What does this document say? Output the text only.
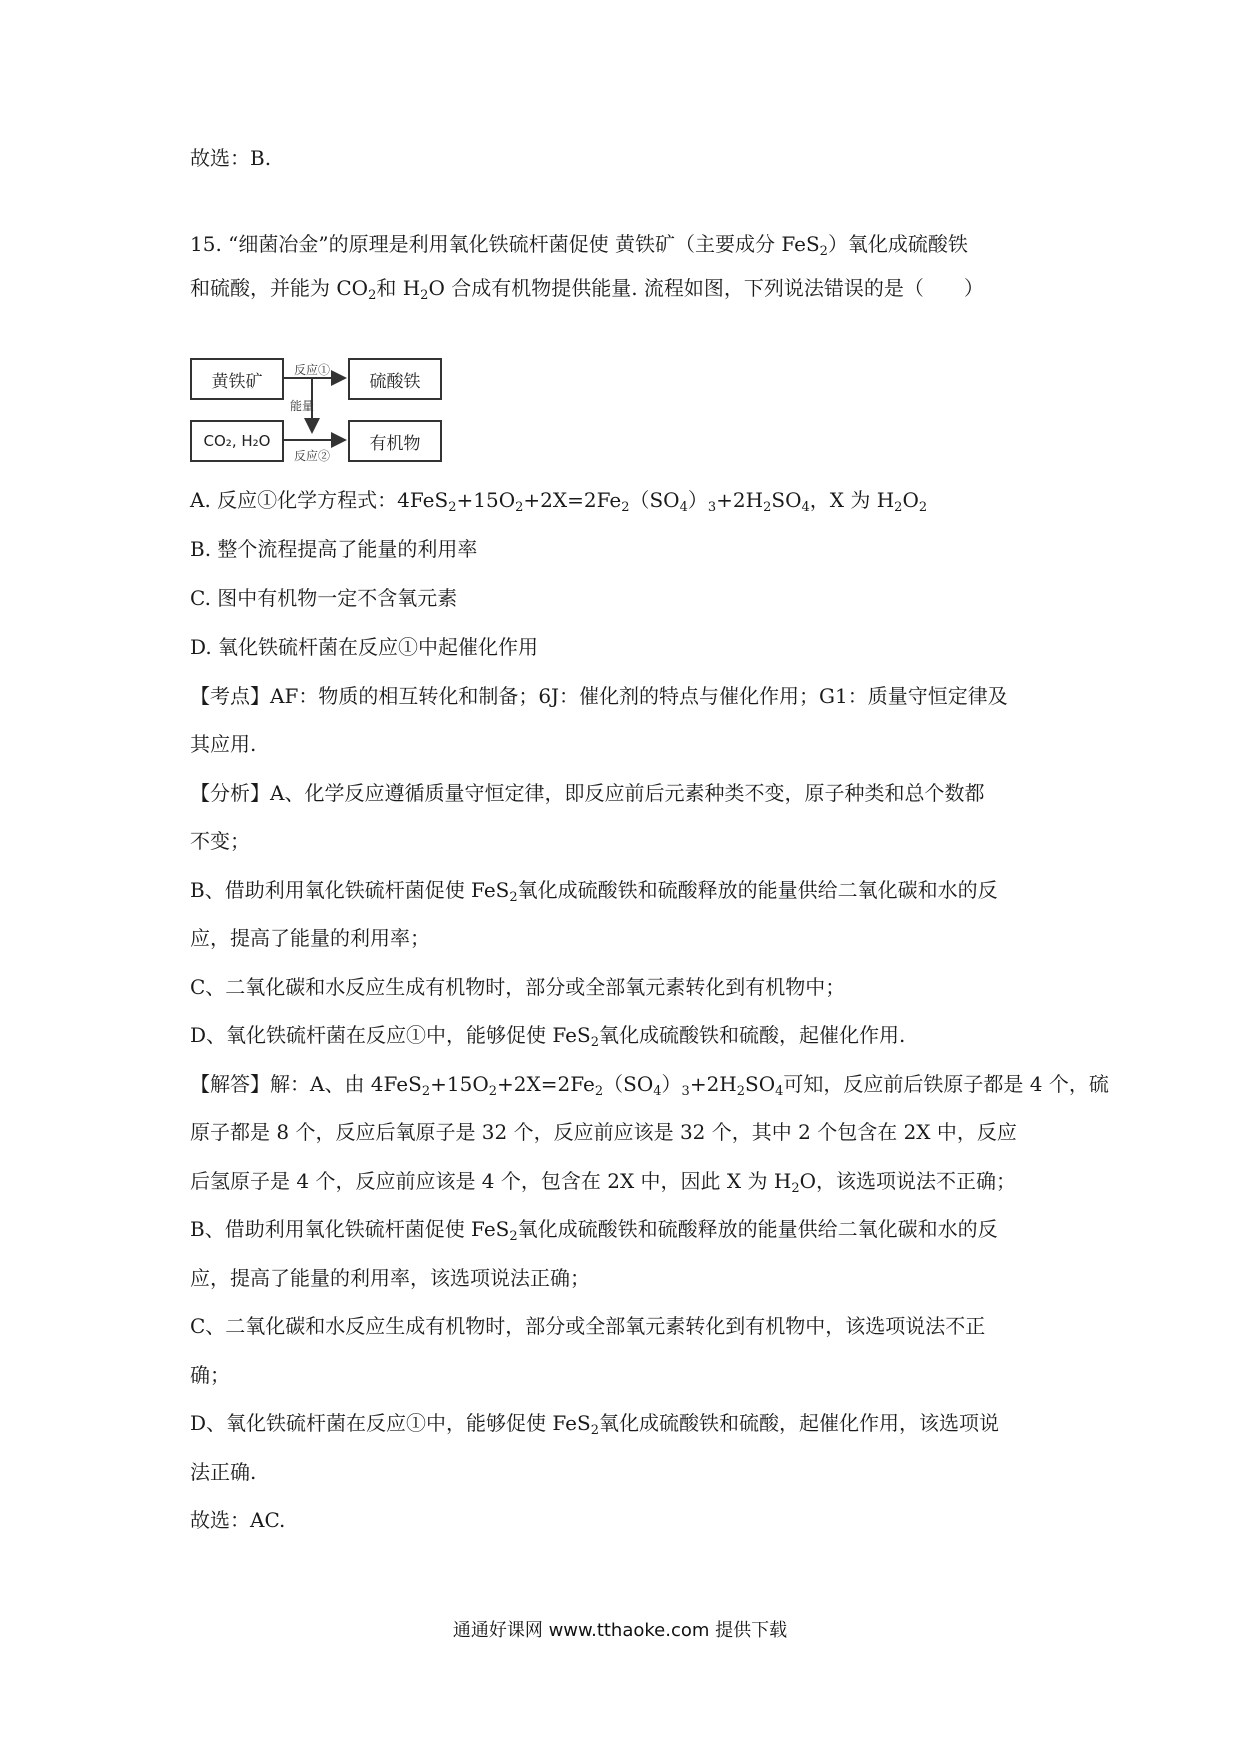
故选：B.
15. “细菌冶金”的原理是利用氧化铁硫杆菌促使 黄铁矿（主要成分 FeS$_2$）氧化成硫酸铁
和硫酸，并能为 $CO_2$和 $H_2O$ 合成有机物提供能量. 流程如图，下列说法错误的是（　　）
黄铁矿	硫酸铁
CO₂, H₂O	有机物
反应①
能量
反应②
A. 反应①化学方程式：$4FeS_2+15O_2+2X=2Fe_2(SO_4)_3+2H_2SO_4$，X 为 $H_2O_2$
B. 整个流程提高了能量的利用率
C. 图中有机物一定不含氧元素
D. 氧化铁硫杆菌在反应①中起催化作用
【考点】AF：物质的相互转化和制备；6J：催化剂的特点与催化作用；G1：质量守恒定律及
其应用.
【分析】A、化学反应遵循质量守恒定律，即反应前后元素种类不变，原子种类和总个数都
不变；
B、借助利用氧化铁硫杆菌促使 FeS$_2$氧化成硫酸铁和硫酸释放的能量供给二氧化碳和水的反
应，提高了能量的利用率；
C、二氧化碳和水反应生成有机物时，部分或全部氧元素转化到有机物中；
D、氧化铁硫杆菌在反应①中，能够促使 FeS$_2$氧化成硫酸铁和硫酸，起催化作用.
【解答】解：A、由 $4FeS_2+15O_2+2X=2Fe_2(SO_4)_3+2H_2SO_4$可知，反应前后铁原子都是 4 个，硫
原子都是 8 个，反应后氧原子是 32 个，反应前应该是 32 个，其中 2 个包含在 2X 中，反应
后氢原子是 4 个，反应前应该是 4 个，包含在 2X 中，因此 X 为 $H_2O$，该选项说法不正确；
B、借助利用氧化铁硫杆菌促使 FeS$_2$氧化成硫酸铁和硫酸释放的能量供给二氧化碳和水的反
应，提高了能量的利用率，该选项说法正确；
C、二氧化碳和水反应生成有机物时，部分或全部氧元素转化到有机物中，该选项说法不正
确；
D、氧化铁硫杆菌在反应①中，能够促使 FeS$_2$氧化成硫酸铁和硫酸，起催化作用，该选项说
法正确.
故选：AC.
通通好课网 www.tthaoke.com 提供下载
